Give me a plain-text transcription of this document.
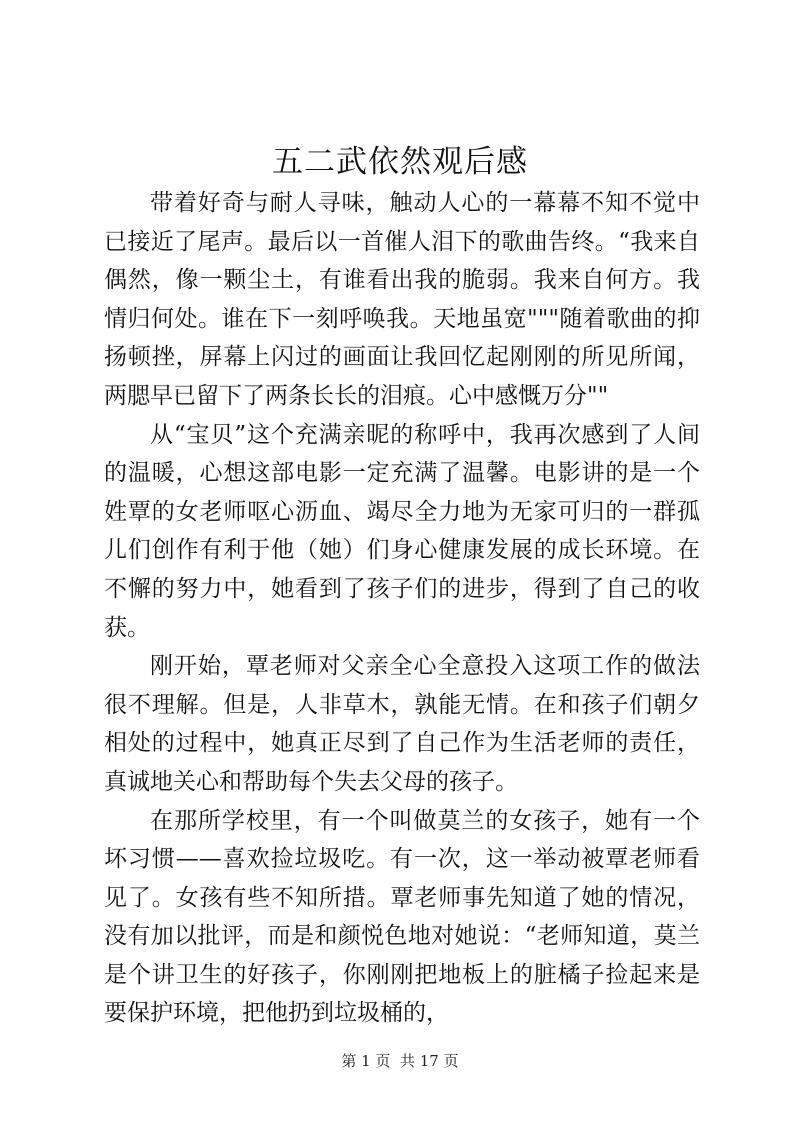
五二武依然观后感

带着好奇与耐人寻味，触动人心的一幕幕不知不觉中已接近了尾声。最后以一首催人泪下的歌曲告终。“我来自偶然，像一颗尘土，有谁看出我的脆弱。我来自何方。我情归何处。谁在下一刻呼唤我。天地虽宽"""随着歌曲的抑扬顿挫，屏幕上闪过的画面让我回忆起刚刚的所见所闻，两腮早已留下了两条长长的泪痕。心中感慨万分""

从“宝贝”这个充满亲昵的称呼中，我再次感到了人间的温暖，心想这部电影一定充满了温馨。电影讲的是一个姓覃的女老师呕心沥血、竭尽全力地为无家可归的一群孤儿们创作有利于他（她）们身心健康发展的成长环境。在不懈的努力中，她看到了孩子们的进步，得到了自己的收获。

刚开始，覃老师对父亲全心全意投入这项工作的做法很不理解。但是，人非草木，孰能无情。在和孩子们朝夕相处的过程中，她真正尽到了自己作为生活老师的责任，真诚地关心和帮助每个失去父母的孩子。

在那所学校里，有一个叫做莫兰的女孩子，她有一个坏习惯——喜欢捡垃圾吃。有一次，这一举动被覃老师看见了。女孩有些不知所措。覃老师事先知道了她的情况，没有加以批评，而是和颜悦色地对她说：“老师知道，莫兰是个讲卫生的好孩子，你刚刚把地板上的脏橘子捡起来是要保护环境，把他扔到垃圾桶的，

第 1 页  共 17 页
